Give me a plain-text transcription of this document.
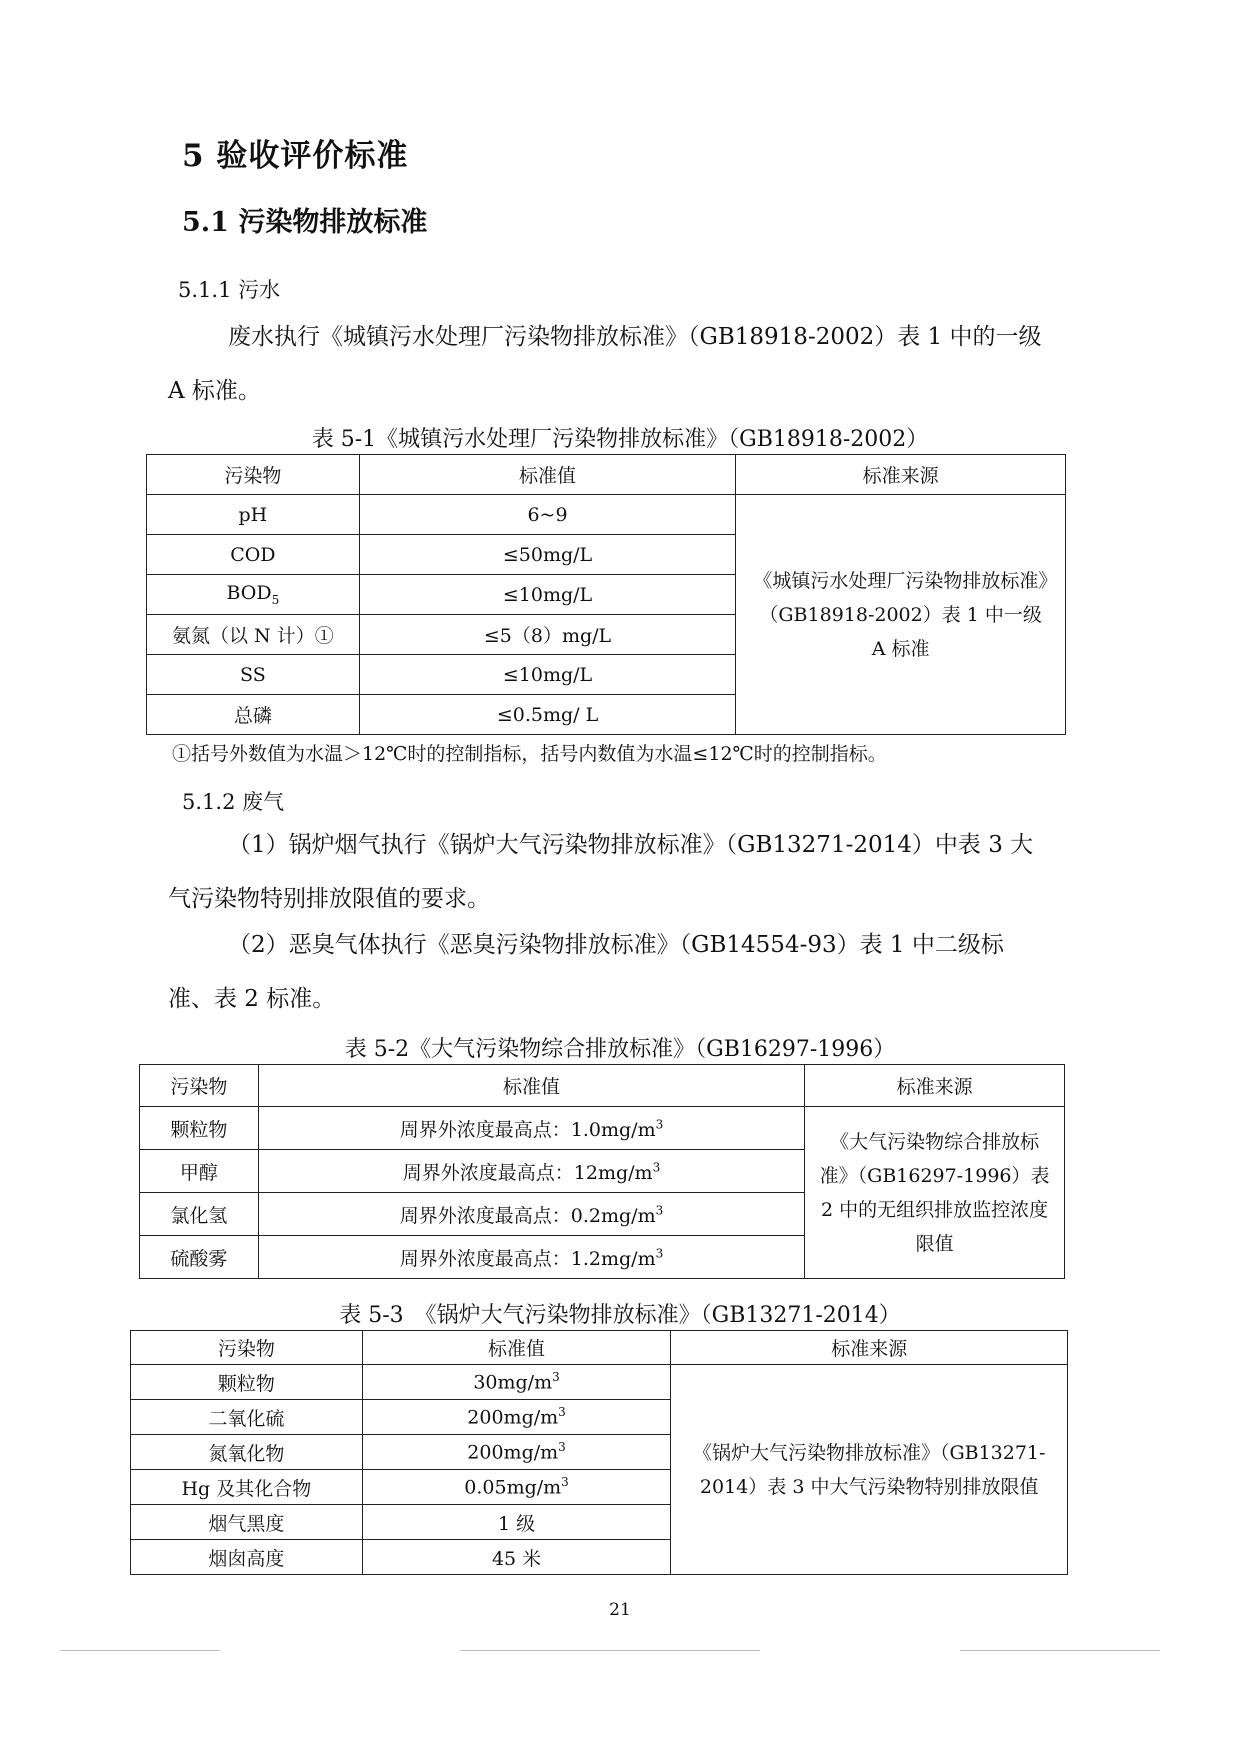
5 验收评价标准
5.1 污染物排放标准
5.1.1 污水

废水执行《城镇污水处理厂污染物排放标准》（GB18918-2002）表 1 中的一级 A 标准。

表 5-1《城镇污水处理厂污染物排放标准》（GB18918-2002）
污染物	标准值	标准来源
pH	6~9	《城镇污水处理厂污染物排放标准》（GB18918-2002）表 1 中一级 A 标准
COD	≤50mg/L	
$BOD_5$	≤10mg/L	
氨氮（以 N 计）①	≤5（8）mg/L	
SS	≤10mg/L	
总磷	≤0.5mg/ L	
①括号外数值为水温＞12℃时的控制指标，括号内数值为水温≤12℃时的控制指标。
5.1.2 废气

（1）锅炉烟气执行《锅炉大气污染物排放标准》（GB13271-2014）中表 3 大气污染物特别排放限值的要求。

（2）恶臭气体执行《恶臭污染物排放标准》（GB14554-93）表 1 中二级标准、表 2 标准。

表 5-2《大气污染物综合排放标准》（GB16297-1996）
污染物	标准值	标准来源
颗粒物	周界外浓度最高点：$1.0mg/m^3$	《大气污染物综合排放标准》（GB16297-1996）表 2 中的无组织排放监控浓度限值
甲醇	周界外浓度最高点：$12mg/m^3$
氯化氢	周界外浓度最高点：$0.2mg/m^3$
硫酸雾	周界外浓度最高点：$1.2mg/m^3$
表 5-3　《锅炉大气污染物排放标准》（GB13271-2014）
污染物	标准值	标准来源
颗粒物	$30mg/m^3$	《锅炉大气污染物排放标准》（GB13271-2014）表 3 中大气污染物特别排放限值
二氧化硫	$200mg/m^3$
氮氧化物	$200mg/m^3$
Hg 及其化合物	$0.05mg/m^3$
烟气黑度	1 级	
烟囱高度	45 米	
21
